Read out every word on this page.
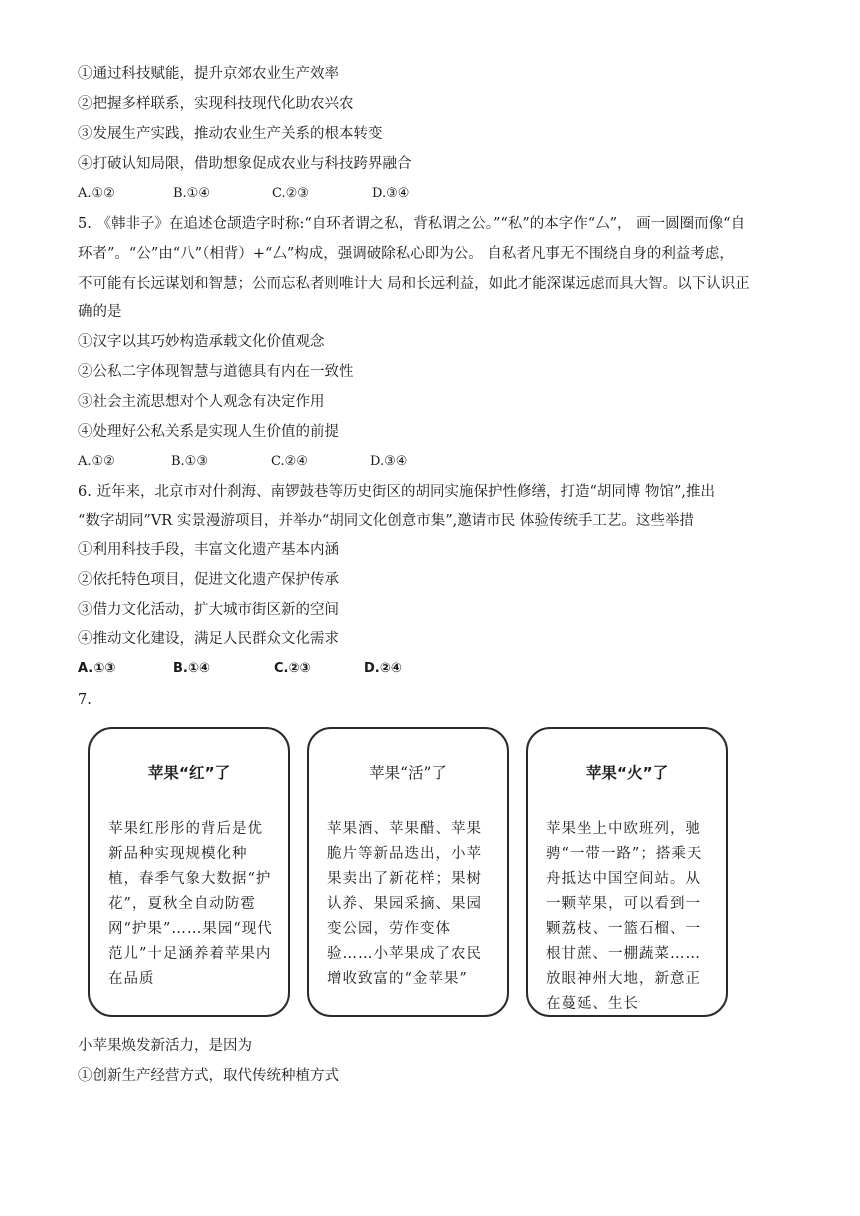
①通过科技赋能，提升京郊农业生产效率
②把握多样联系，实现科技现代化助农兴农
③发展生产实践，推动农业生产关系的根本转变
④打破认知局限，借助想象促成农业与科技跨界融合
A.①②	B.①④	C.②③	D.③④
5. 《韩非子》在追述仓颉造字时称:“自环者谓之私，背私谓之公。”“私”的本字作“厶”， 画一圆圈而像“自
环者”。“公”由“八”（相背）+“厶”构成，强调破除私心即为公。 自私者凡事无不围绕自身的利益考虑，
不可能有长远谋划和智慧；公而忘私者则唯计大 局和长远利益，如此才能深谋远虑而具大智。以下认识正
确的是
①汉字以其巧妙构造承载文化价值观念
②公私二字体现智慧与道德具有内在一致性
③社会主流思想对个人观念有决定作用
④处理好公私关系是实现人生价值的前提
A.①②	B.①③	C.②④	D.③④
6. 近年来，北京市对什刹海、南锣鼓巷等历史街区的胡同实施保护性修缮，打造“胡同博 物馆”,推出
“数字胡同”VR 实景漫游项目，并举办“胡同文化创意市集”,邀请市民 体验传统手工艺。这些举措
①利用科技手段，丰富文化遗产基本内涵
②依托特色项目，促进文化遗产保护传承
③借力文化活动，扩大城市街区新的空间
④推动文化建设，满足人民群众文化需求
A.①③	B.①④	C.②③	D.②④
7.
苹果“红”了
苹果红彤彤的背后是优新品种实现规模化种植，春季气象大数据“护花”，夏秋全自动防雹网“护果”……果园“现代范儿”十足涵养着苹果内在品质
苹果“活”了
苹果酒、苹果醋、苹果脆片等新品迭出，小苹果卖出了新花样；果树认养、果园采摘、果园变公园，劳作变体验……小苹果成了农民增收致富的“金苹果”
苹果“火”了
苹果坐上中欧班列，驰骋“一带一路”；搭乘天舟抵达中国空间站。从一颗苹果，可以看到一颗荔枝、一篮石榴、一根甘蔗、一棚蔬菜……放眼神州大地，新意正在蔓延、生长
小苹果焕发新活力，是因为
①创新生产经营方式，取代传统种植方式
